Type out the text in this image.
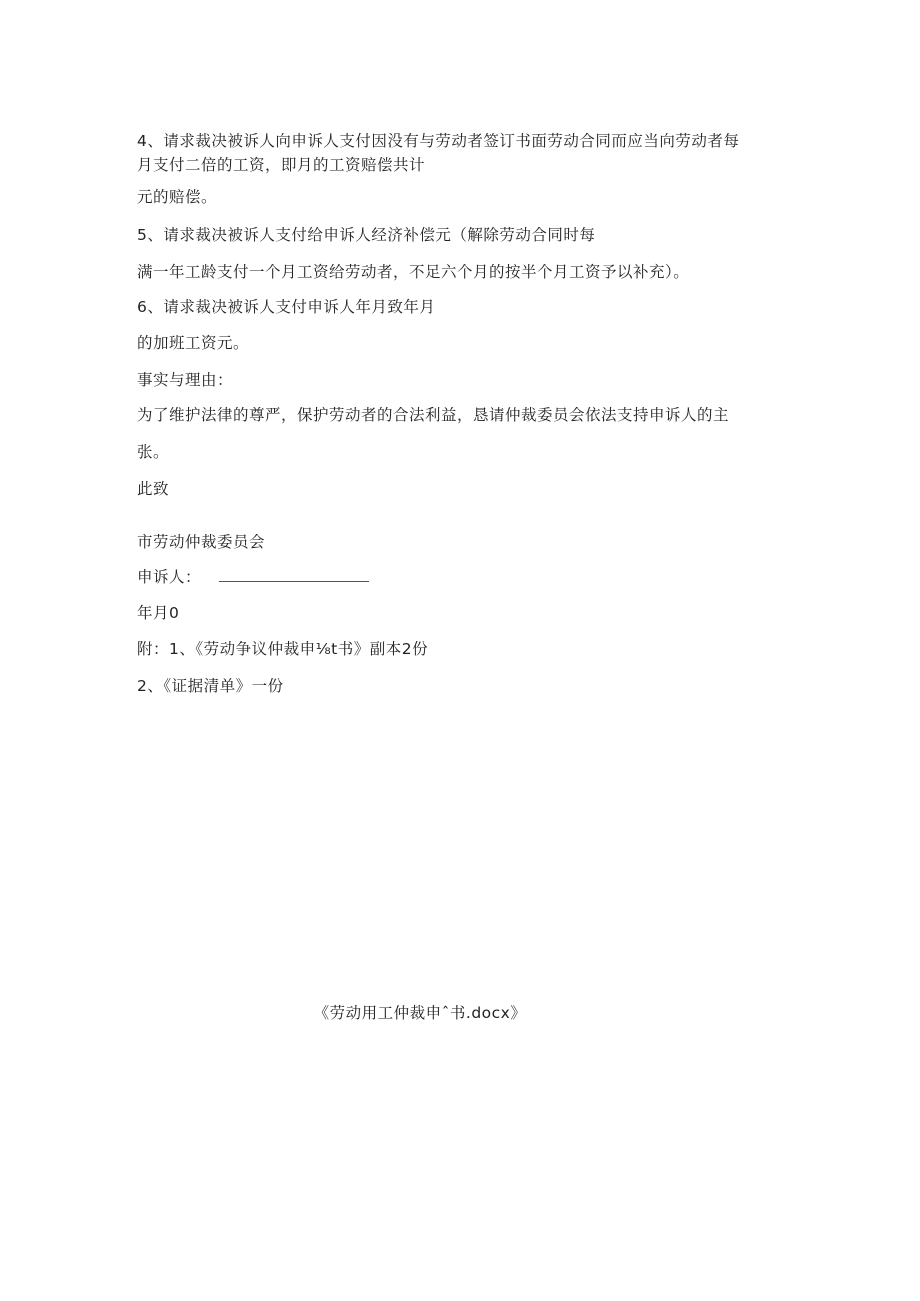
4、请求裁决被诉人向申诉人支付因没有与劳动者签订书面劳动合同而应当向劳动者每
月支付二倍的工资，即月的工资赔偿共计
元的赔偿。
5、请求裁决被诉人支付给申诉人经济补偿元（解除劳动合同时每
满一年工龄支付一个月工资给劳动者，不足六个月的按半个月工资予以补充）。
6、请求裁决被诉人支付申诉人年月致年月
的加班工资元。
事实与理由：
为了维护法律的尊严，保护劳动者的合法利益，恳请仲裁委员会依法支持申诉人的主
张。
此致
市劳动仲裁委员会
申诉人：
年月0
附：1、《劳动争议仲裁申⅛t书》副本2份
2、《证据清单》一份
《劳动用工仲裁申ˆ书.docx》
